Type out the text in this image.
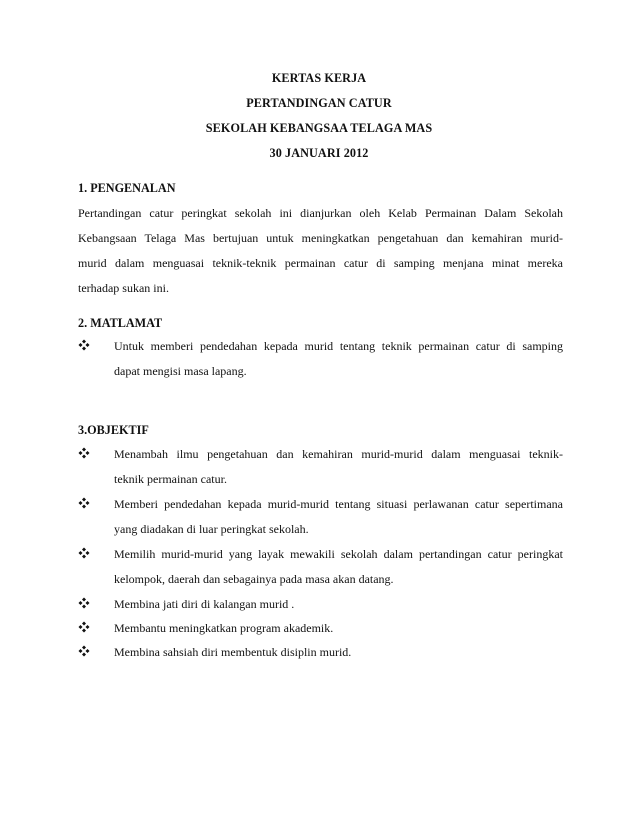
KERTAS KERJA
PERTANDINGAN CATUR
SEKOLAH KEBANGSAA TELAGA MAS
30 JANUARI 2012
1. PENGENALAN
Pertandingan catur peringkat sekolah ini dianjurkan oleh Kelab Permainan Dalam Sekolah
Kebangsaan Telaga Mas bertujuan untuk meningkatkan pengetahuan dan kemahiran murid-
murid dalam menguasai teknik-teknik permainan catur di samping menjana minat mereka
terhadap sukan ini.
2. MATLAMAT
Untuk memberi pendedahan kepada murid tentang teknik permainan catur di samping
dapat mengisi masa lapang.
3.OBJEKTIF
Menambah ilmu pengetahuan dan kemahiran murid-murid dalam menguasai teknik-
teknik permainan catur.
Memberi pendedahan kepada murid-murid tentang situasi perlawanan catur sepertimana
yang diadakan di luar peringkat sekolah.
Memilih murid-murid yang layak mewakili sekolah dalam pertandingan catur peringkat
kelompok, daerah dan sebagainya pada masa akan datang.
Membina jati diri di kalangan murid .
Membantu meningkatkan program akademik.
Membina sahsiah diri membentuk disiplin murid.
